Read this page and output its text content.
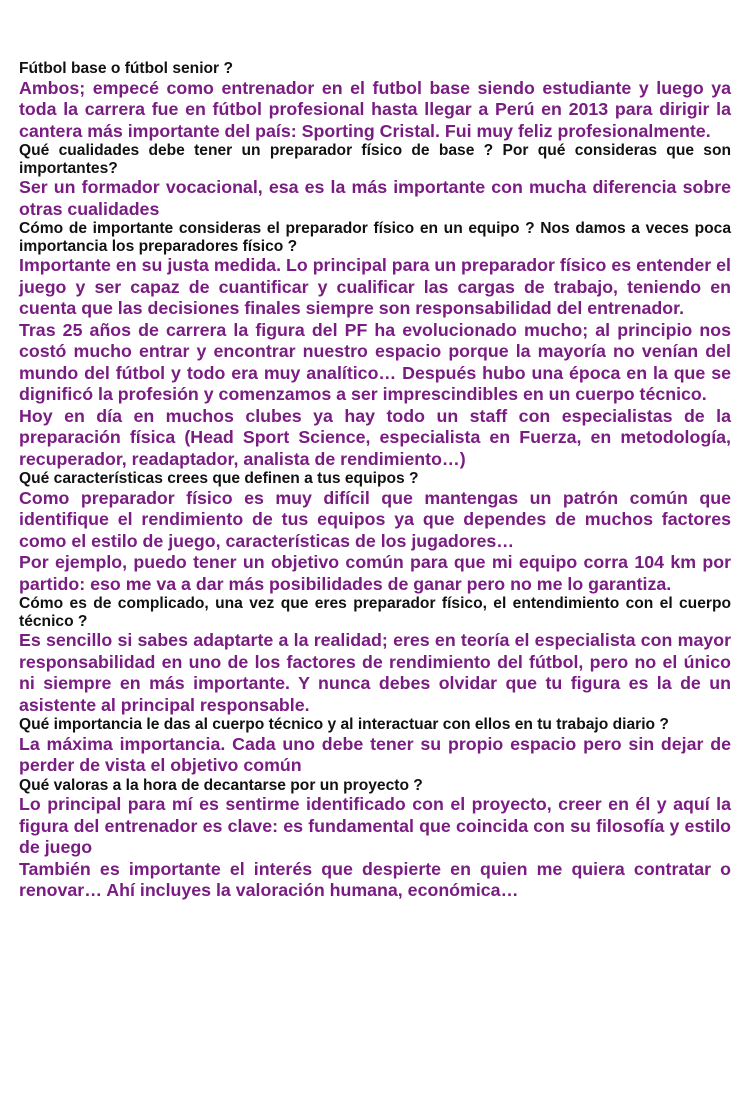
Fútbol base o fútbol senior ?

Ambos; empecé como entrenador en el futbol base siendo estudiante y luego ya toda la carrera fue en fútbol profesional hasta llegar a Perú en 2013 para dirigir la cantera más importante del país: Sporting Cristal. Fui muy feliz profesionalmente.

Qué cualidades debe tener un preparador físico de base ? Por qué consideras que son importantes?

Ser un formador vocacional, esa es la más importante con mucha diferencia sobre otras cualidades

Cómo de importante consideras el preparador físico en un equipo ? Nos damos a veces poca importancia los preparadores físico ?

Importante en su justa medida. Lo principal para un preparador físico es entender el juego y ser capaz de cuantificar y cualificar las cargas de trabajo, teniendo en cuenta que las decisiones finales siempre son responsabilidad del entrenador.

Tras 25 años de carrera la figura del PF ha evolucionado mucho; al principio nos costó mucho entrar y encontrar nuestro espacio porque la mayoría no venían del mundo del fútbol y todo era muy analítico… Después hubo una época en la que se dignificó la profesión y comenzamos a ser imprescindibles en un cuerpo técnico.

Hoy en día en muchos clubes ya hay todo un staff con especialistas de la preparación física (Head Sport Science, especialista en Fuerza, en metodología, recuperador, readaptador, analista de rendimiento…)

Qué características crees que definen a tus equipos ?

Como preparador físico es muy difícil que mantengas un patrón común que identifique el rendimiento de tus equipos ya que dependes de muchos factores como el estilo de juego, características de los jugadores…

Por ejemplo, puedo tener un objetivo común para que mi equipo corra 104 km por partido: eso me va a dar más posibilidades de ganar pero no me lo garantiza.

Cómo es de complicado, una vez que eres preparador físico, el entendimiento con el cuerpo técnico ?

Es sencillo si sabes adaptarte a la realidad; eres en teoría el especialista con mayor responsabilidad en uno de los factores de rendimiento del fútbol, pero no el único ni siempre en más importante. Y nunca debes olvidar que tu figura es la de un asistente al principal responsable.

Qué importancia le das al cuerpo técnico y al interactuar con ellos en tu trabajo diario ?

La máxima importancia. Cada uno debe tener su propio espacio pero sin dejar de perder de vista el objetivo común

Qué valoras a la hora de decantarse por un proyecto ?

Lo principal para mí es sentirme identificado con el proyecto, creer en él y aquí la figura del entrenador es clave: es fundamental que coincida con su filosofía y estilo de juego

También es importante el interés que despierte en quien me quiera contratar o renovar… Ahí incluyes la valoración humana, económica…
